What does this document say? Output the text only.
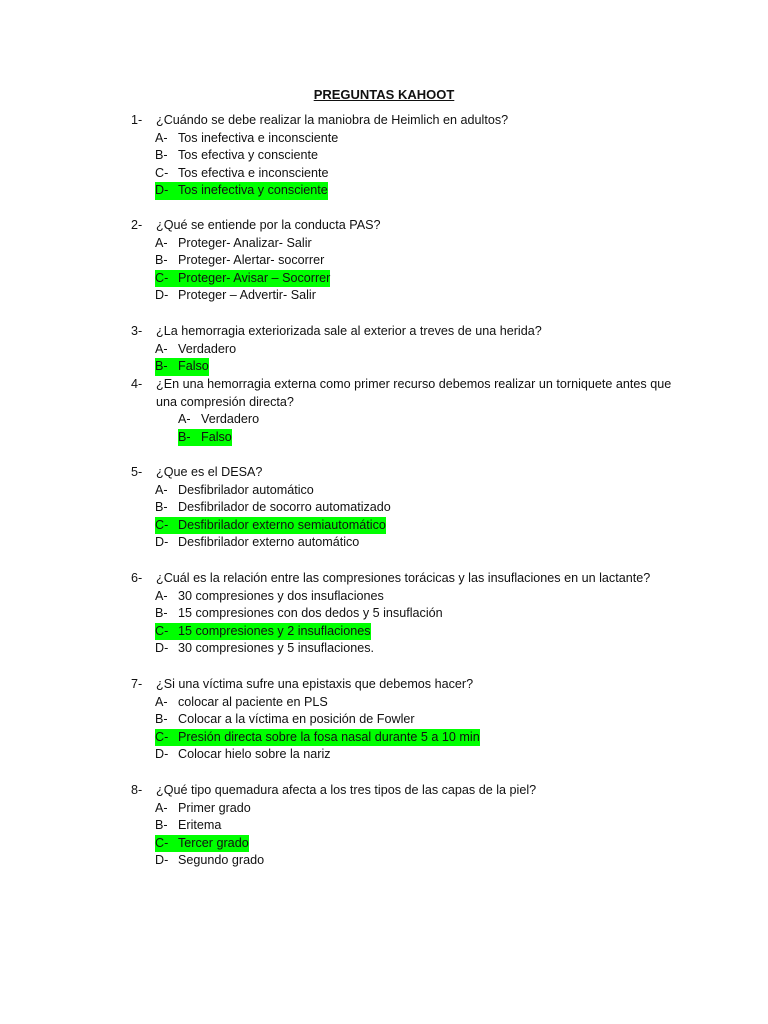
PREGUNTAS KAHOOT
1- ¿Cuándo se debe realizar la maniobra de Heimlich en adultos?
A- Tos inefectiva e inconsciente
B- Tos efectiva y consciente
C- Tos efectiva e inconsciente
D- Tos inefectiva y consciente
2- ¿Qué se entiende por la conducta PAS?
A- Proteger- Analizar- Salir
B- Proteger- Alertar- socorrer
C- Proteger- Avisar – Socorrer
D- Proteger – Advertir- Salir
3- ¿La hemorragia exteriorizada sale al exterior a treves de una herida?
A- Verdadero
B- Falso
4- ¿En una hemorragia externa como primer recurso debemos realizar un torniquete antes que una compresión directa?
A- Verdadero
B- Falso
5- ¿Que es el DESA?
A- Desfibrilador automático
B- Desfibrilador de socorro automatizado
C- Desfibrilador externo semiautomático
D- Desfibrilador externo automático
6- ¿Cuál es la relación entre las compresiones torácicas y las insuflaciones en un lactante?
A- 30 compresiones y dos insuflaciones
B- 15 compresiones con dos dedos y 5 insuflación
C- 15 compresiones y 2 insuflaciones
D- 30 compresiones y 5 insuflaciones.
7- ¿Si una víctima sufre una epistaxis que debemos hacer?
A- colocar al paciente en PLS
B- Colocar a la víctima en posición de Fowler
C- Presión directa sobre la fosa nasal durante 5 a 10 min
D- Colocar hielo sobre la nariz
8- ¿Qué tipo quemadura afecta a los tres tipos de las capas de la piel?
A- Primer grado
B- Eritema
C- Tercer grado
D- Segundo grado
